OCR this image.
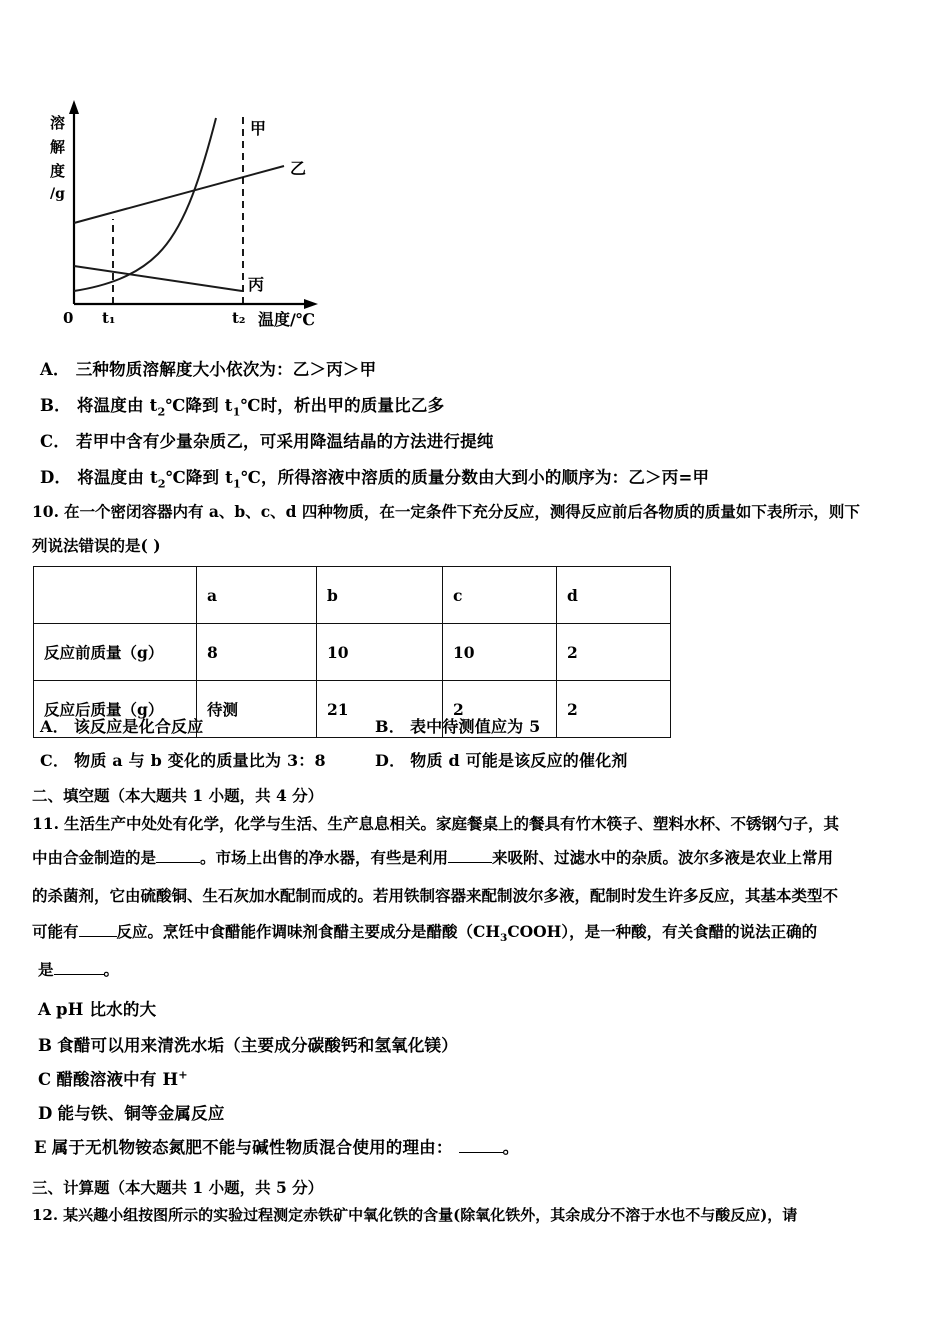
溶
解
度
/g
甲
乙
丙
0 t₁	t₂ 温度/℃
A． 三种物质溶解度大小依次为：乙＞丙＞甲
B． 将温度由 $t_2℃$降到 $t_1℃$时，析出甲的质量比乙多
C． 若甲中含有少量杂质乙，可采用降温结晶的方法进行提纯
D． 将温度由 $t_2℃$降到 $t_1℃$，所得溶液中溶质的质量分数由大到小的顺序为：乙＞丙=甲
10. 在一个密闭容器内有 a、b、c、d 四种物质，在一定条件下充分反应，测得反应前后各物质的质量如下表所示，则下
列说法错误的是( )
	a	b	c	d
反应前质量（g）	8	10	10	2
反应后质量（g）	待测	21	2	2
A． 该反应是化合反应	B． 表中待测值应为 5
C． 物质 a 与 b 变化的质量比为 3：8	D． 物质 d 可能是该反应的催化剂
二、填空题（本大题共 1 小题，共 4 分）
11. 生活生产中处处有化学，化学与生活、生产息息相关。家庭餐桌上的餐具有竹木筷子、塑料水杯、不锈钢勺子，其
中由合金制造的是	。市场上出售的净水器，有些是利用	来吸附、过滤水中的杂质。波尔多液是农业上常用
的杀菌剂，它由硫酸铜、生石灰加水配制而成的。若用铁制容器来配制波尔多液，配制时发生许多反应，其基本类型不
可能有 反应。烹饪中食醋能作调味剂食醋主要成分是醋酸$(CH_3COOH)$，是一种酸，有关食醋的说法正确的
是	。
A pH 比水的大
B 食醋可以用来清洗水垢（主要成分碳酸钙和氢氧化镁）
C 醋酸溶液中有 H+
D 能与铁、铜等金属反应
E 属于无机物铵态氮肥不能与碱性物质混合使用的理由：	。
三、计算题（本大题共 1 小题，共 5 分）
12. 某兴趣小组按图所示的实验过程测定赤铁矿中氧化铁的含量(除氧化铁外，其余成分不溶于水也不与酸反应)，请
